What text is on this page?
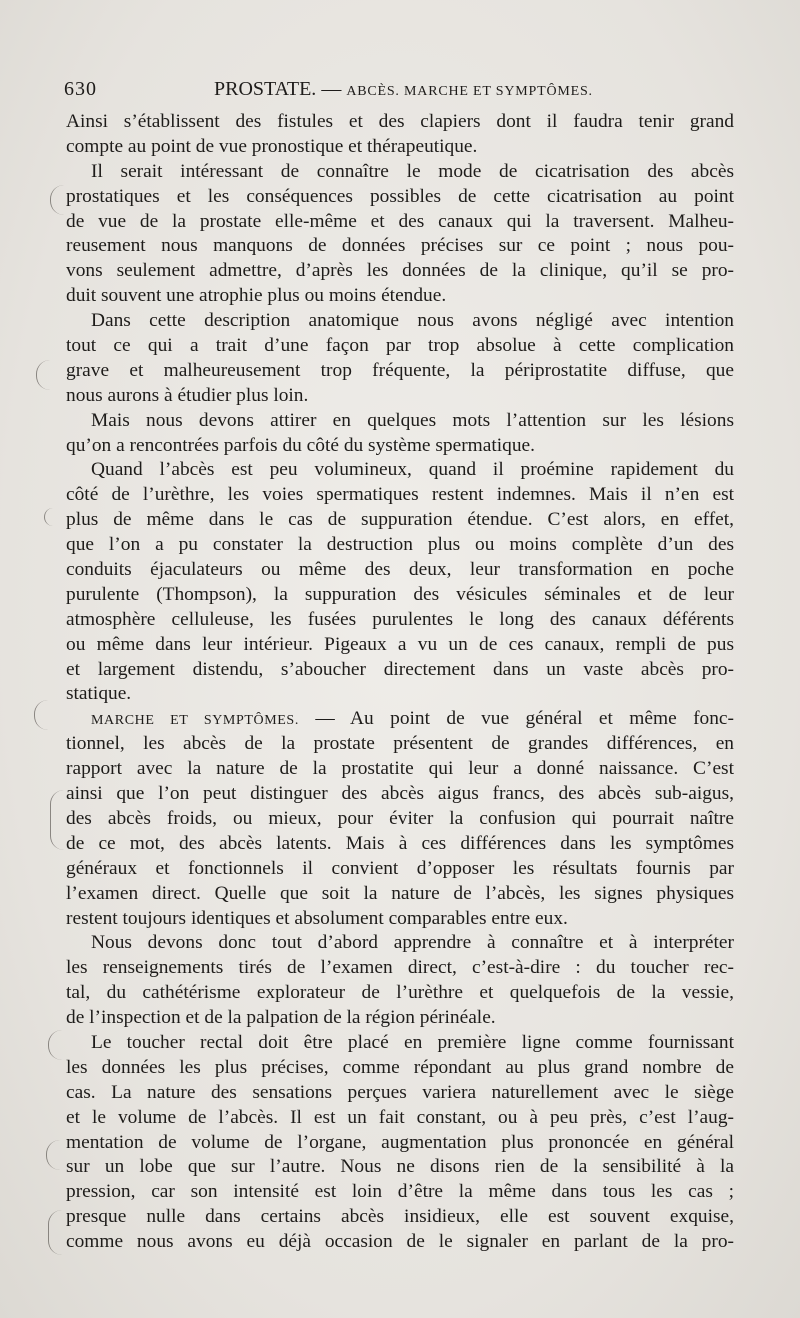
630	PROSTATE. — ABCÈS. MARCHE ET SYMPTÔMES.
Ainsi s’établissent des fistules et des clapiers dont il faudra tenir grand
compte au point de vue pronostique et thérapeutique.
Il serait intéressant de connaître le mode de cicatrisation des abcès
prostatiques et les conséquences possibles de cette cicatrisation au point
de vue de la prostate elle-même et des canaux qui la traversent. Malheu-
reusement nous manquons de données précises sur ce point ; nous pou-
vons seulement admettre, d’après les données de la clinique, qu’il se pro-
duit souvent une atrophie plus ou moins étendue.
Dans cette description anatomique nous avons négligé avec intention
tout ce qui a trait d’une façon par trop absolue à cette complication
grave et malheureusement trop fréquente, la périprostatite diffuse, que
nous aurons à étudier plus loin.
Mais nous devons attirer en quelques mots l’attention sur les lésions
qu’on a rencontrées parfois du côté du système spermatique.
Quand l’abcès est peu volumineux, quand il proémine rapidement du
côté de l’urèthre, les voies spermatiques restent indemnes. Mais il n’en est
plus de même dans le cas de suppuration étendue. C’est alors, en effet,
que l’on a pu constater la destruction plus ou moins complète d’un des
conduits éjaculateurs ou même des deux, leur transformation en poche
purulente (Thompson), la suppuration des vésicules séminales et de leur
atmosphère celluleuse, les fusées purulentes le long des canaux déférents
ou même dans leur intérieur. Pigeaux a vu un de ces canaux, rempli de pus
et largement distendu, s’aboucher directement dans un vaste abcès pro-
statique.
MARCHE ET SYMPTÔMES. — Au point de vue général et même fonc-
tionnel, les abcès de la prostate présentent de grandes différences, en
rapport avec la nature de la prostatite qui leur a donné naissance. C’est
ainsi que l’on peut distinguer des abcès aigus francs, des abcès sub-aigus,
des abcès froids, ou mieux, pour éviter la confusion qui pourrait naître
de ce mot, des abcès latents. Mais à ces différences dans les symptômes
généraux et fonctionnels il convient d’opposer les résultats fournis par
l’examen direct. Quelle que soit la nature de l’abcès, les signes physiques
restent toujours identiques et absolument comparables entre eux.
Nous devons donc tout d’abord apprendre à connaître et à interpréter
les renseignements tirés de l’examen direct, c’est-à-dire : du toucher rec-
tal, du cathétérisme explorateur de l’urèthre et quelquefois de la vessie,
de l’inspection et de la palpation de la région périnéale.
Le toucher rectal doit être placé en première ligne comme fournissant
les données les plus précises, comme répondant au plus grand nombre de
cas. La nature des sensations perçues variera naturellement avec le siège
et le volume de l’abcès. Il est un fait constant, ou à peu près, c’est l’aug-
mentation de volume de l’organe, augmentation plus prononcée en général
sur un lobe que sur l’autre. Nous ne disons rien de la sensibilité à la
pression, car son intensité est loin d’être la même dans tous les cas ;
presque nulle dans certains abcès insidieux, elle est souvent exquise,
comme nous avons eu déjà occasion de le signaler en parlant de la pro-
